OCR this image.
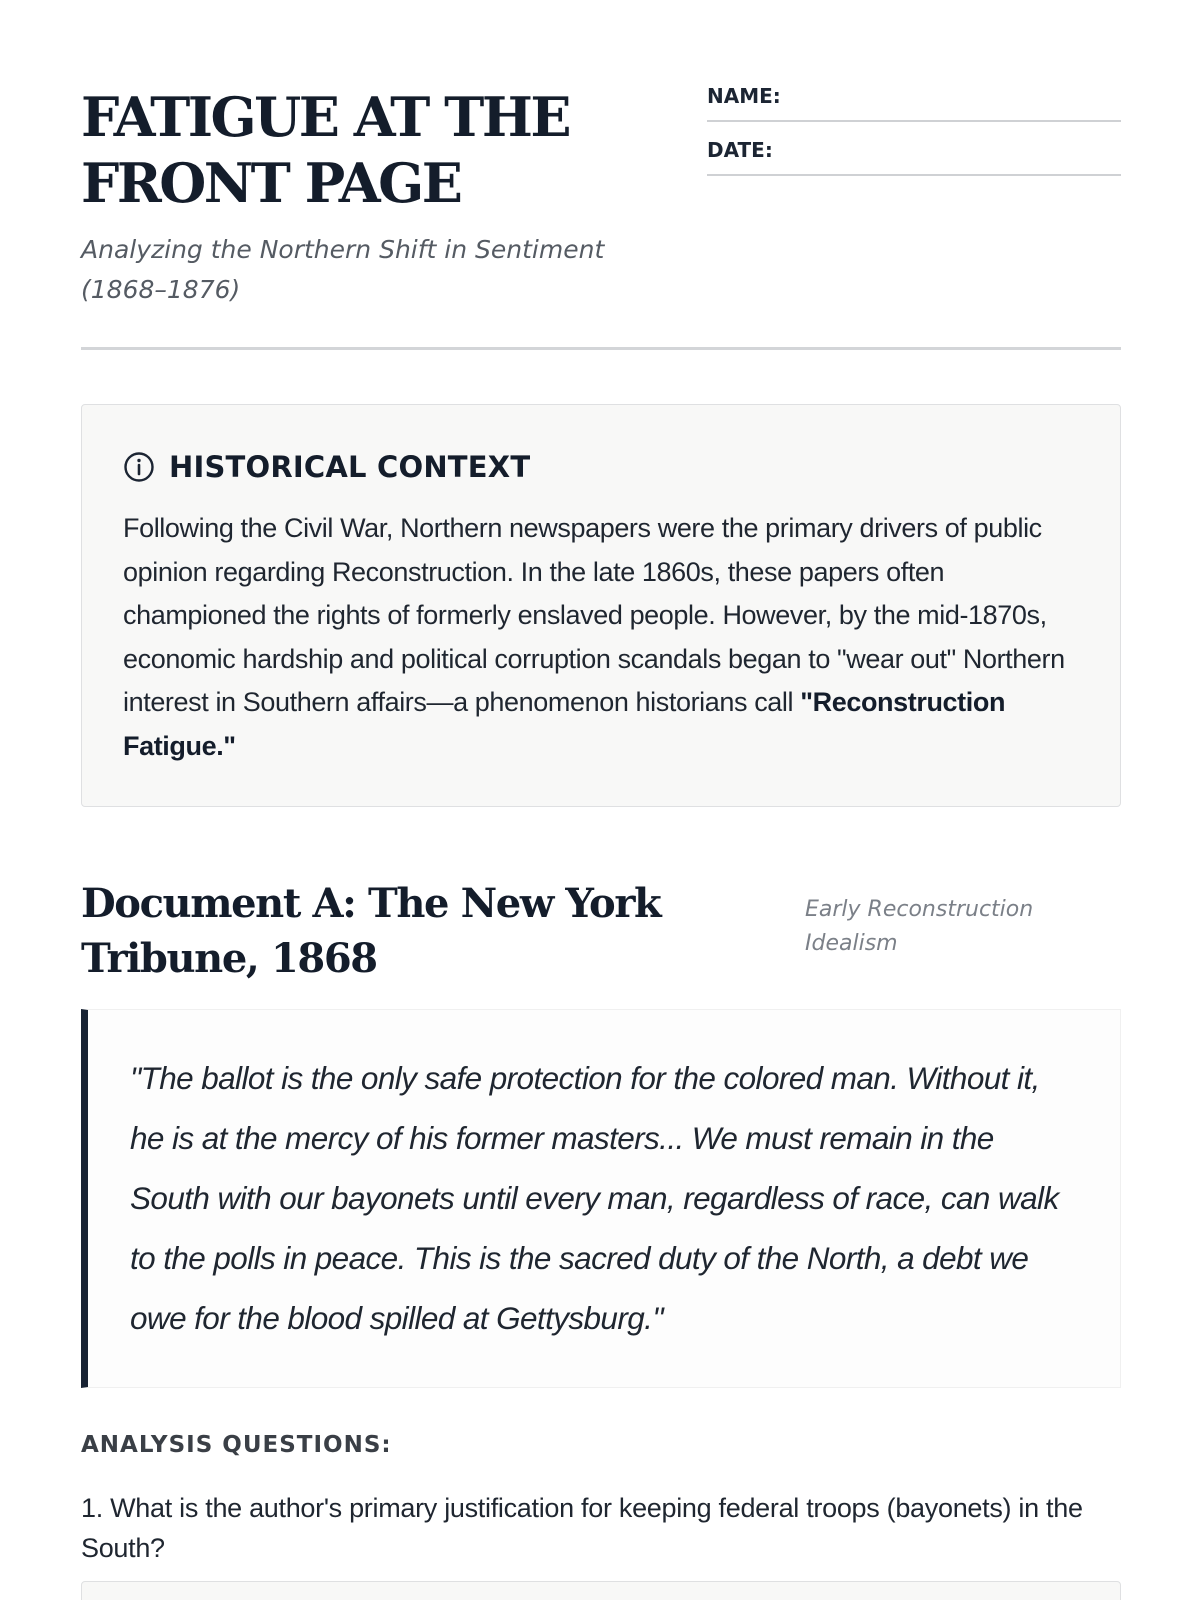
FATIGUE AT THE FRONT PAGE

Analyzing the Northern Shift in Sentiment (1868–1876)

NAME:
DATE:
HISTORICAL CONTEXT

Following the Civil War, Northern newspapers were the primary drivers of public opinion regarding Reconstruction. In the late 1860s, these papers often championed the rights of formerly enslaved people. However, by the mid-1870s, economic hardship and political corruption scandals began to "wear out" Northern interest in Southern affairs—a phenomenon historians call "Reconstruction Fatigue."

Document A: The New York Tribune, 1868

Early Reconstruction Idealism

"The ballot is the only safe protection for the colored man. Without it, he is at the mercy of his former masters... We must remain in the South with our bayonets until every man, regardless of race, can walk to the polls in peace. This is the sacred duty of the North, a debt we owe for the blood spilled at Gettysburg."

ANALYSIS QUESTIONS:

1. What is the author's primary justification for keeping federal troops (bayonets) in the South?
